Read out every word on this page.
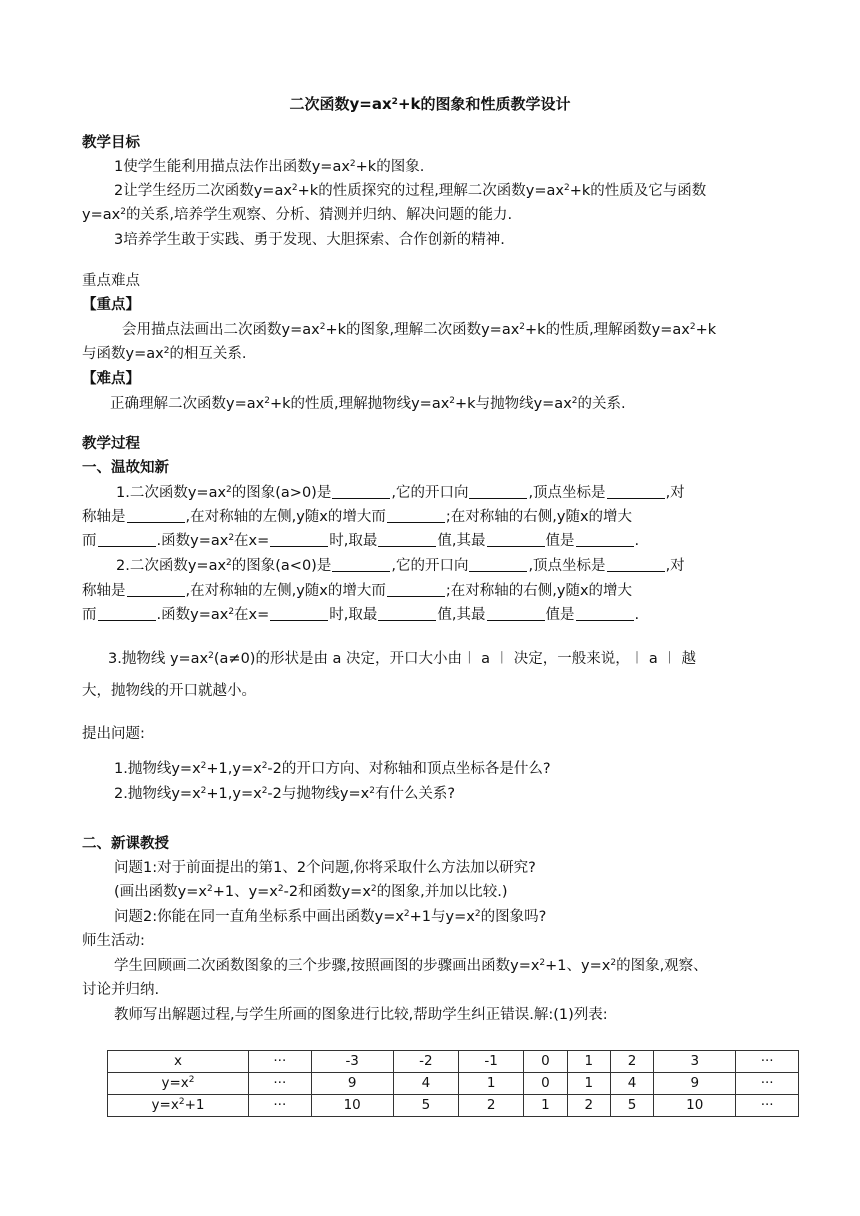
二次函数$y=ax^2+k$的图象和性质教学设计
教学目标
1使学生能利用描点法作出函数$y=ax^2+k$的图象.
2让学生经历二次函数$y=ax^2+k$的性质探究的过程,理解二次函数$y=ax^2+k$的性质及它与函数
$y=ax^2$的关系,培养学生观察、分析、猜测并归纳、解决问题的能力.
3培养学生敢于实践、勇于发现、大胆探索、合作创新的精神.
重点难点
【重点】
会用描点法画出二次函数$y=ax^2+k$的图象,理解二次函数$y=ax^2+k$的性质,理解函数$y=ax^2+k$
与函数$y=ax^2$的相互关系.
【难点】
正确理解二次函数$y=ax^2+k$的性质,理解抛物线$y=ax^2+k$与抛物线$y=ax^2$的关系.
教学过程
一、温故知新
1.二次函数$y=ax^2$的图象(a>0)是	,它的开口向	,顶点坐标是	,对
称轴是	,在对称轴的左侧,y随x的增大而	;在对称轴的右侧,y随x的增大
而	.函数$y=ax^2$在x=	时,取最	值,其最	值是	.
2.二次函数$y=ax^2$的图象(a<0)是	,它的开口向	,顶点坐标是	,对
称轴是	,在对称轴的左侧,y随x的增大而	;在对称轴的右侧,y随x的增大
而	.函数$y=ax^2$在x=	时,取最	值,其最	值是	.
3.抛物线 $y=ax^2(a\ne 0)$的形状是由 a 决定，开口大小由︱ a ︱ 决定，一般来说，︱ a ︱ 越
大，抛物线的开口就越小。
提出问题:
1.抛物线$y=x^2+1,y=x^2-2$的开口方向、对称轴和顶点坐标各是什么?
2.抛物线$y=x^2+1,y=x^2-2$与抛物线$y=x^2$有什么关系?
二、新课教授
问题1:对于前面提出的第1、2个问题,你将采取什么方法加以研究?
(画出函数$y=x^2+1$、$y=x^2-2$和函数$y=x^2$的图象,并加以比较.)
问题2:你能在同一直角坐标系中画出函数$y=x^2+1$与$y=x^2$的图象吗?
师生活动:
学生回顾画二次函数图象的三个步骤,按照画图的步骤画出函数$y=x^2+1$、$y=x^2$的图象,观察、
讨论并归纳.
教师写出解题过程,与学生所画的图象进行比较,帮助学生纠正错误.解:(1)列表:
x	···	-3	-2	-1	0	1	2	3	···
$y=x^2$	···	9	4	1	0	1	4	9	···
$y=x^2+1$	···	10	5	2	1	2	5	10	···
